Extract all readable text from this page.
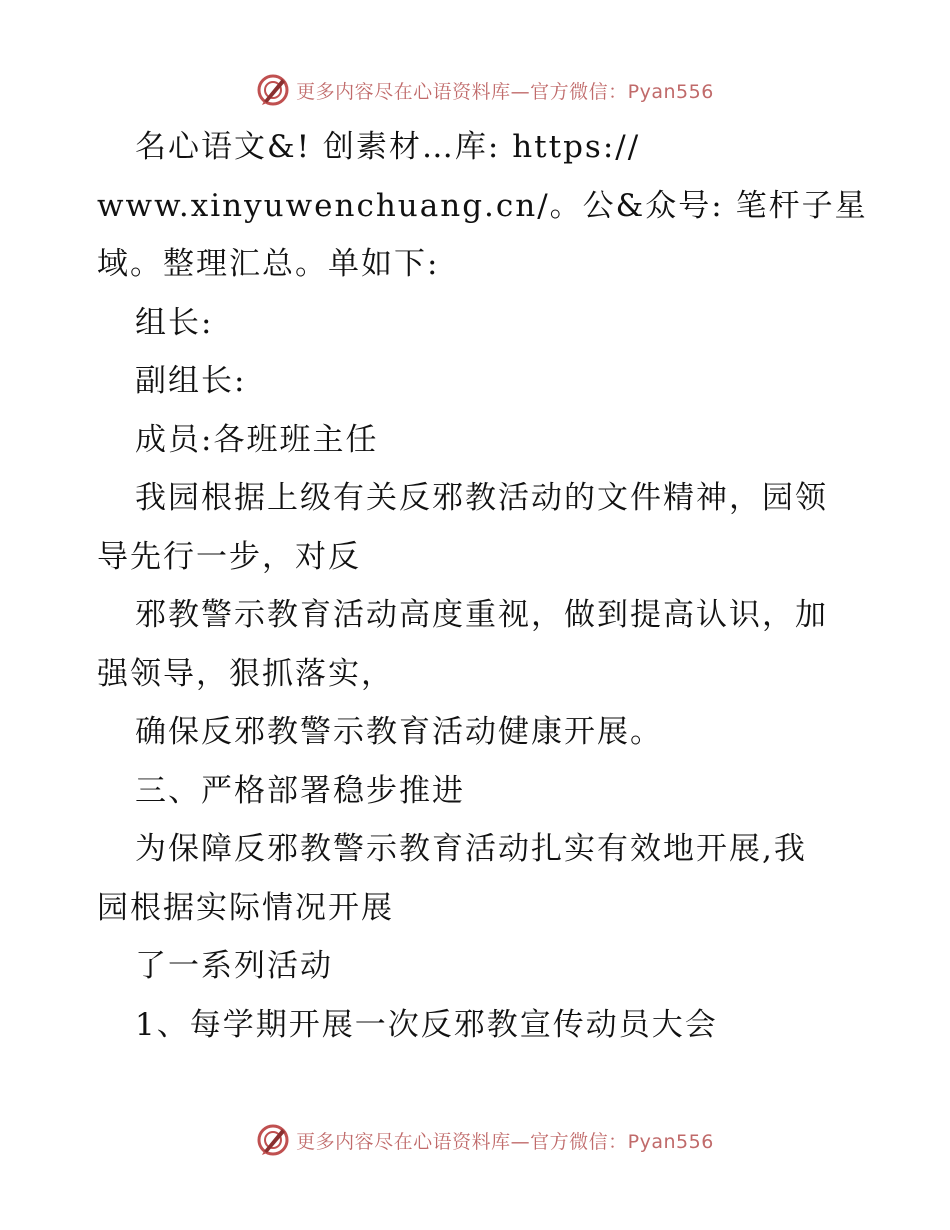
更多内容尽在心语资料库—官方微信：Pyan556
名心语文&! 创素材…库: https://
www.xinyuwenchuang.cn/。公&众号: 笔杆子星
域。整理汇总。单如下:
组长:
副组长:
成员:各班班主任
我园根据上级有关反邪教活动的文件精神，园领
导先行一步，对反
邪教警示教育活动高度重视，做到提高认识，加
强领导，狠抓落实，
确保反邪教警示教育活动健康开展。
三、严格部署稳步推进
为保障反邪教警示教育活动扎实有效地开展,我
园根据实际情况开展
了一系列活动
1、每学期开展一次反邪教宣传动员大会
更多内容尽在心语资料库—官方微信：Pyan556
